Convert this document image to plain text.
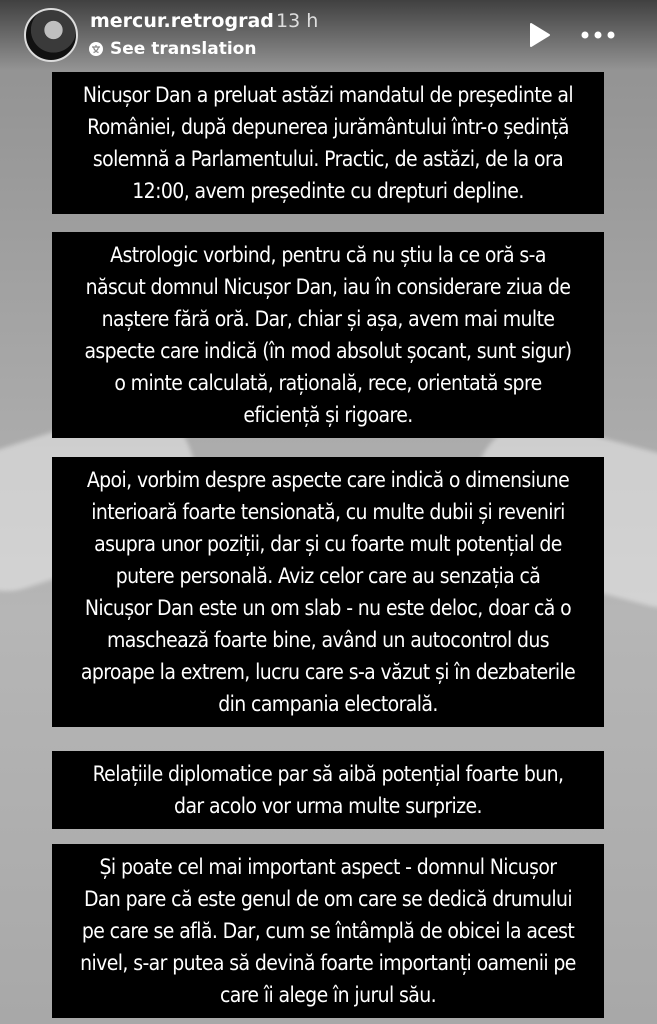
mercur.retrograd 13 h
See translation
Nicușor Dan a preluat astăzi mandatul de președinte al
României, după depunerea jurământului într-o ședință
solemnă a Parlamentului. Practic, de astăzi, de la ora
12:00, avem președinte cu drepturi depline.
Astrologic vorbind, pentru că nu știu la ce oră s-a
născut domnul Nicușor Dan, iau în considerare ziua de
naștere fără oră. Dar, chiar și așa, avem mai multe
aspecte care indică (în mod absolut șocant, sunt sigur)
o minte calculată, rațională, rece, orientată spre
eficiență și rigoare.
Apoi, vorbim despre aspecte care indică o dimensiune
interioară foarte tensionată, cu multe dubii și reveniri
asupra unor poziții, dar și cu foarte mult potențial de
putere personală. Aviz celor care au senzația că
Nicușor Dan este un om slab - nu este deloc, doar că o
maschează foarte bine, având un autocontrol dus
aproape la extrem, lucru care s-a văzut și în dezbaterile
din campania electorală.
Relațiile diplomatice par să aibă potențial foarte bun,
dar acolo vor urma multe surprize.
Și poate cel mai important aspect - domnul Nicușor
Dan pare că este genul de om care se dedică drumului
pe care se află. Dar, cum se întâmplă de obicei la acest
nivel, s-ar putea să devină foarte importanți oamenii pe
care îi alege în jurul său.
